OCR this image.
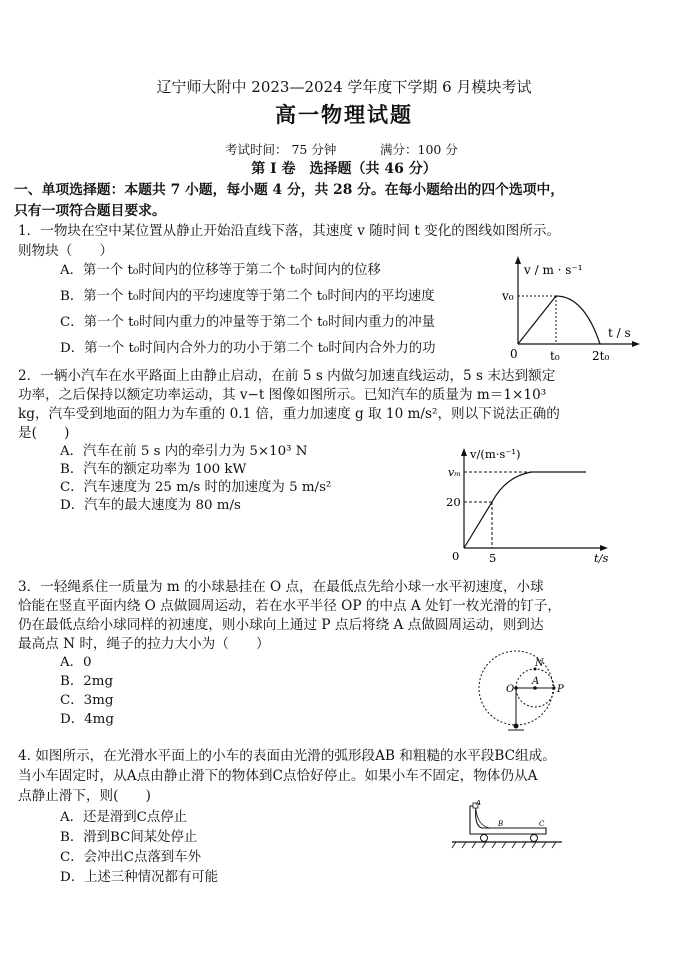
辽宁师大附中 2023—2024 学年度下学期 6 月模块考试
高一物理试题
考试时间： 75 分钟	满分：100 分
第 I 卷　选择题（共 46 分）
一、单项选择题：本题共 7 小题，每小题 4 分，共 28 分。在每小题给出的四个选项中，
只有一项符合题目要求。
1．一物块在空中某位置从静止开始沿直线下落，其速度 v 随时间 t 变化的图线如图所示。
则物块（　　）
A．第一个 t₀时间内的位移等于第二个 t₀时间内的位移
B．第一个 t₀时间内的平均速度等于第二个 t₀时间内的平均速度
C．第一个 t₀时间内重力的冲量等于第二个 t₀时间内重力的冲量
D．第一个 t₀时间内合外力的功小于第二个 t₀时间内合外力的功
v / m · s⁻¹
t / s
v₀
0	t₀	2t₀
2．一辆小汽车在水平路面上由静止启动，在前 5 s 内做匀加速直线运动，5 s 末达到额定
功率，之后保持以额定功率运动，其 v−t 图像如图所示。已知汽车的质量为 m＝1×10³
kg，汽车受到地面的阻力为车重的 0.1 倍，重力加速度 g 取 10 m/s²，则以下说法正确的
是(　　)
A．汽车在前 5 s 内的牵引力为 5×10³ N
B．汽车的额定功率为 100 kW
C．汽车速度为 25 m/s 时的加速度为 5 m/s²
D．汽车的最大速度为 80 m/s
v/(m·s⁻¹)
t/s
vₘ
20
0	5
3．一轻绳系住一质量为 m 的小球悬挂在 O 点，在最低点先给小球一水平初速度，小球
恰能在竖直平面内绕 O 点做圆周运动，若在水平半径 OP 的中点 A 处钉一枚光滑的钉子，
仍在最低点给小球同样的初速度，则小球向上通过 P 点后将绕 A 点做圆周运动，则到达
最高点 N 时，绳子的拉力大小为（　　）
A．0
B．2mg
C．3mg
D．4mg
O
A
P
N
4. 如图所示，在光滑水平面上的小车的表面由光滑的弧形段AB 和粗糙的水平段BC组成。
当小车固定时，从A点由静止滑下的物体到C点恰好停止。如果小车不固定，物体仍从A
点静止滑下，则(　　)
A．还是滑到C点停止
B．滑到BC间某处停止
C．会冲出C点落到车外
D．上述三种情况都有可能
A
B	C
